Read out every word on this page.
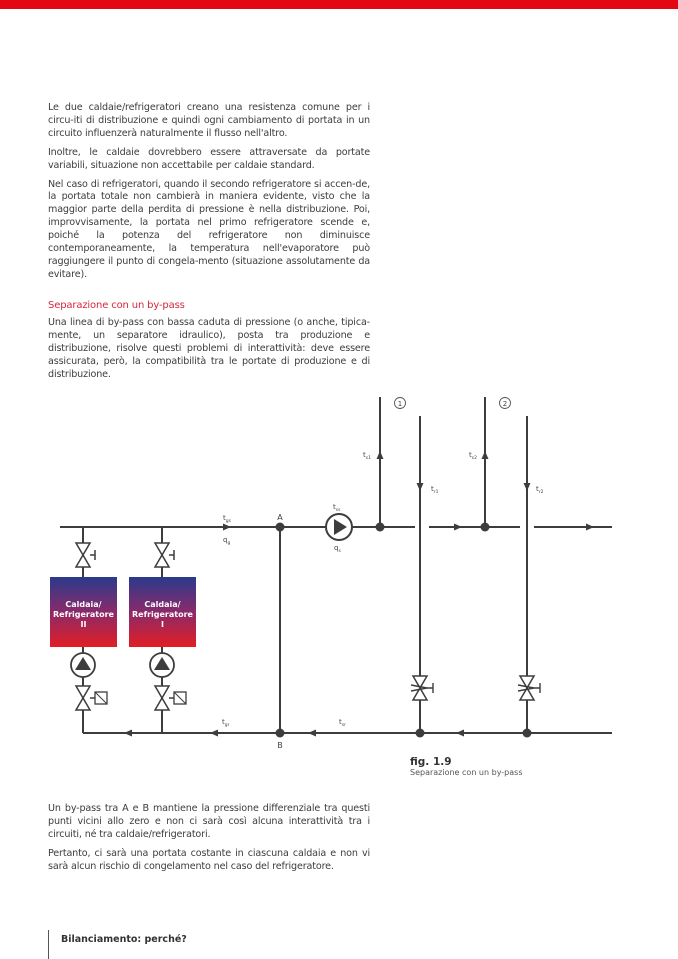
Le due caldaie/refrigeratori creano una resistenza comune per i circu-iti di distribuzione e quindi ogni cambiamento di portata in un circuito influenzerà naturalmente il flusso nell'altro.

Inoltre, le caldaie dovrebbero essere attraversate da portate variabili, situazione non accettabile per caldaie standard.

Nel caso di refrigeratori, quando il secondo refrigeratore si accen-de, la portata totale non cambierà in maniera evidente, visto che la maggior parte della perdita di pressione è nella distribuzione. Poi, improvvisamente, la portata nel primo refrigeratore scende e, poiché la potenza del refrigeratore non diminuisce contemporaneamente, la temperatura nell'evaporatore può raggiungere il punto di congela-mento (situazione assolutamente da evitare).

Separazione con un by-pass

Una linea di by-pass con bassa caduta di pressione (o anche, tipica-mente, un separatore idraulico), posta tra produzione e distribuzione, risolve questi problemi di interattività: deve essere assicurata, però, la compatibilità tra le portate di produzione e di distribuzione.

Caldaia/
Refrigeratore
II
Caldaia/
Refrigeratore
I
$t_{gs}$
$q_g$
$t_{ss}$
$q_s$
$t_{s1}$
$t_{r1}$
$t_{s2}$
$t_{r2}$
$t_{gr}$	$t_{sr}$
A
B
1	2
fig. 1.9
Separazione con un by-pass

Un by-pass tra A e B mantiene la pressione differenziale tra questi punti vicini allo zero e non ci sarà così alcuna interattività tra i circuiti, né tra caldaie/refrigeratori.

Pertanto, ci sarà una portata costante in ciascuna caldaia e non vi sarà alcun rischio di congelamento nel caso del refrigeratore.

Bilanciamento: perché?
